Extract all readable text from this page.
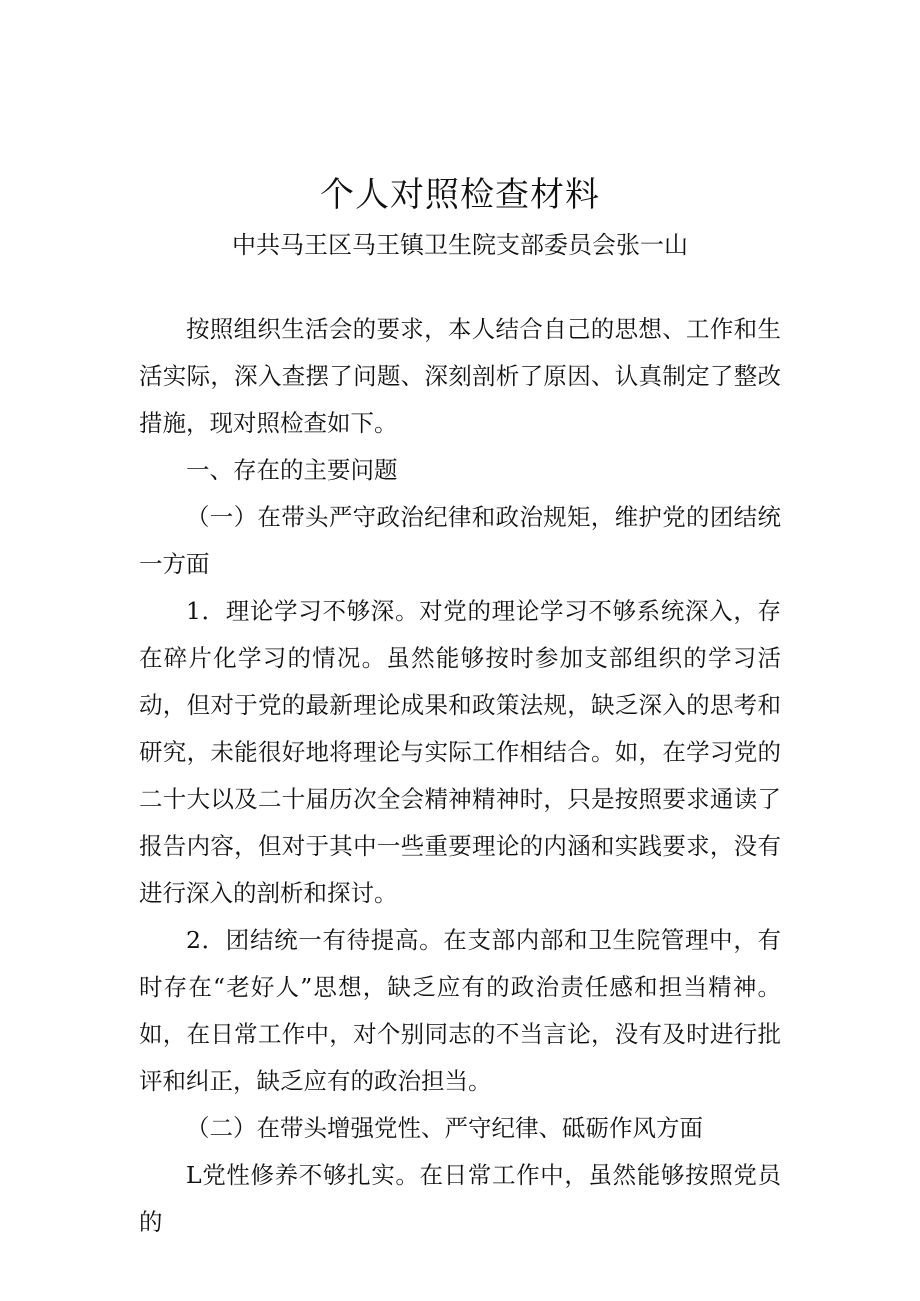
个人对照检查材料
中共马王区马王镇卫生院支部委员会张一山

按照组织生活会的要求，本人结合自己的思想、工作和生活实际，深入查摆了问题、深刻剖析了原因、认真制定了整改措施，现对照检查如下。

一、存在的主要问题

（一）在带头严守政治纪律和政治规矩，维护党的团结统一方面

1．理论学习不够深。对党的理论学习不够系统深入，存在碎片化学习的情况。虽然能够按时参加支部组织的学习活动，但对于党的最新理论成果和政策法规，缺乏深入的思考和研究，未能很好地将理论与实际工作相结合。如，在学习党的二十大以及二十届历次全会精神精神时，只是按照要求通读了报告内容，但对于其中一些重要理论的内涵和实践要求，没有进行深入的剖析和探讨。

2．团结统一有待提高。在支部内部和卫生院管理中，有时存在“老好人”思想，缺乏应有的政治责任感和担当精神。如，在日常工作中，对个别同志的不当言论，没有及时进行批评和纠正，缺乏应有的政治担当。

（二）在带头增强党性、严守纪律、砥砺作风方面

L党性修养不够扎实。在日常工作中，虽然能够按照党员的
